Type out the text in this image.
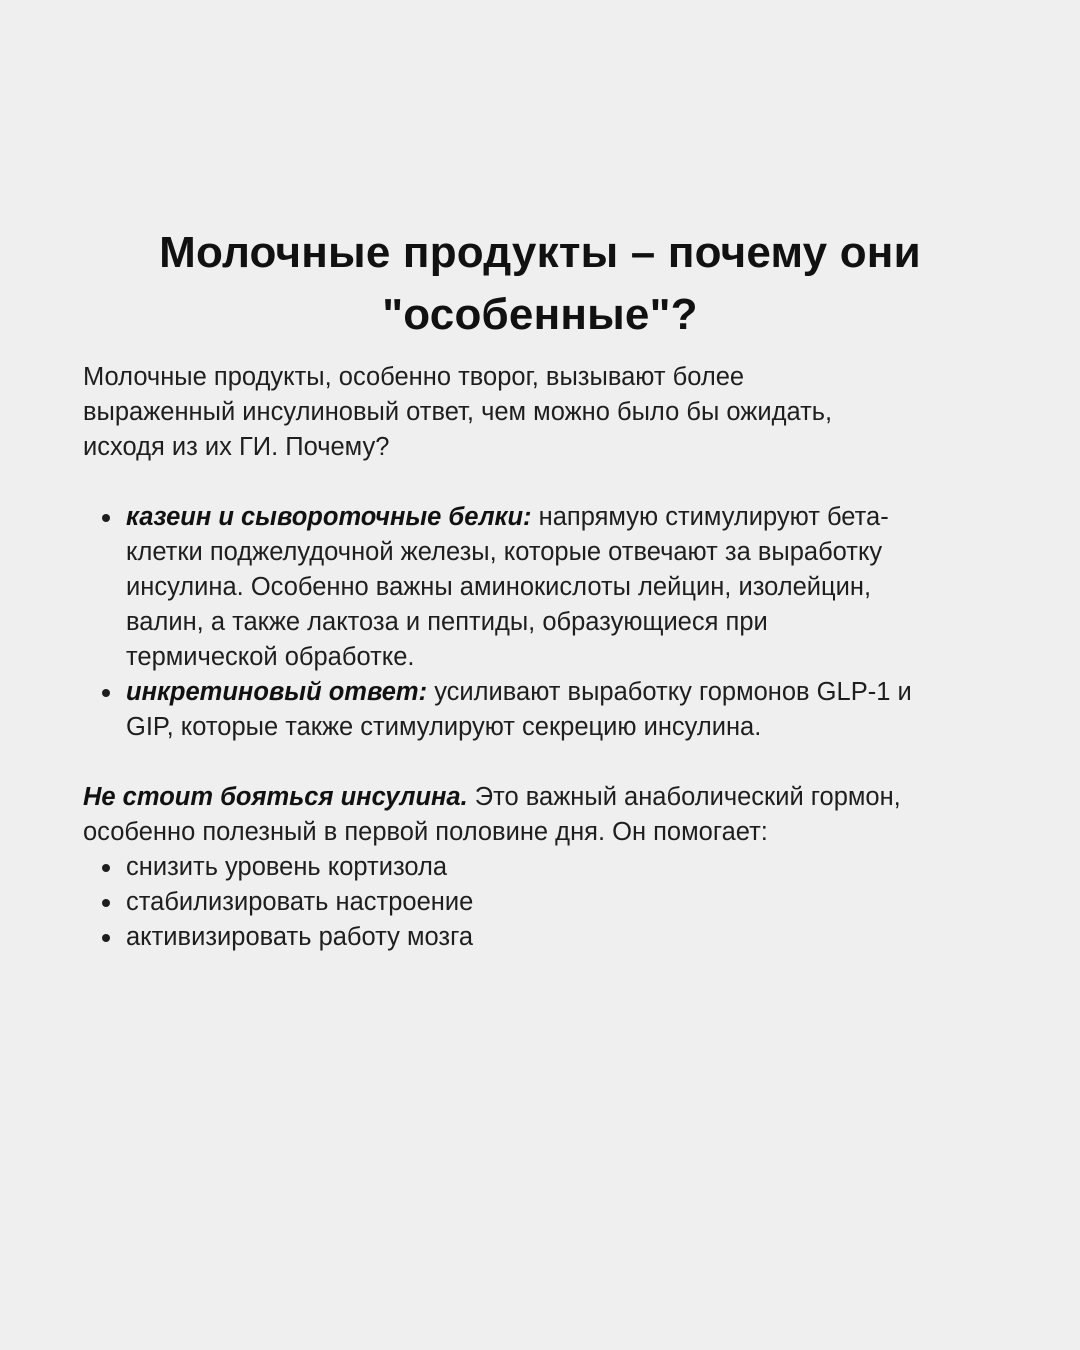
Молочные продукты – почему они
"особенные"?

Молочные продукты, особенно творог, вызывают более
выраженный инсулиновый ответ, чем можно было бы ожидать,
исходя из их ГИ. Почему?

казеин и сывороточные белки: напрямую стимулируют бета-
клетки поджелудочной железы, которые отвечают за выработку
инсулина. Особенно важны аминокислоты лейцин, изолейцин,
валин, а также лактоза и пептиды, образующиеся при
термической обработке.
инкретиновый ответ: усиливают выработку гормонов GLP-1 и
GIP, которые также стимулируют секрецию инсулина.

Не стоит бояться инсулина. Это важный анаболический гормон,
особенно полезный в первой половине дня. Он помогает:

снизить уровень кортизола
стабилизировать настроение
активизировать работу мозга
